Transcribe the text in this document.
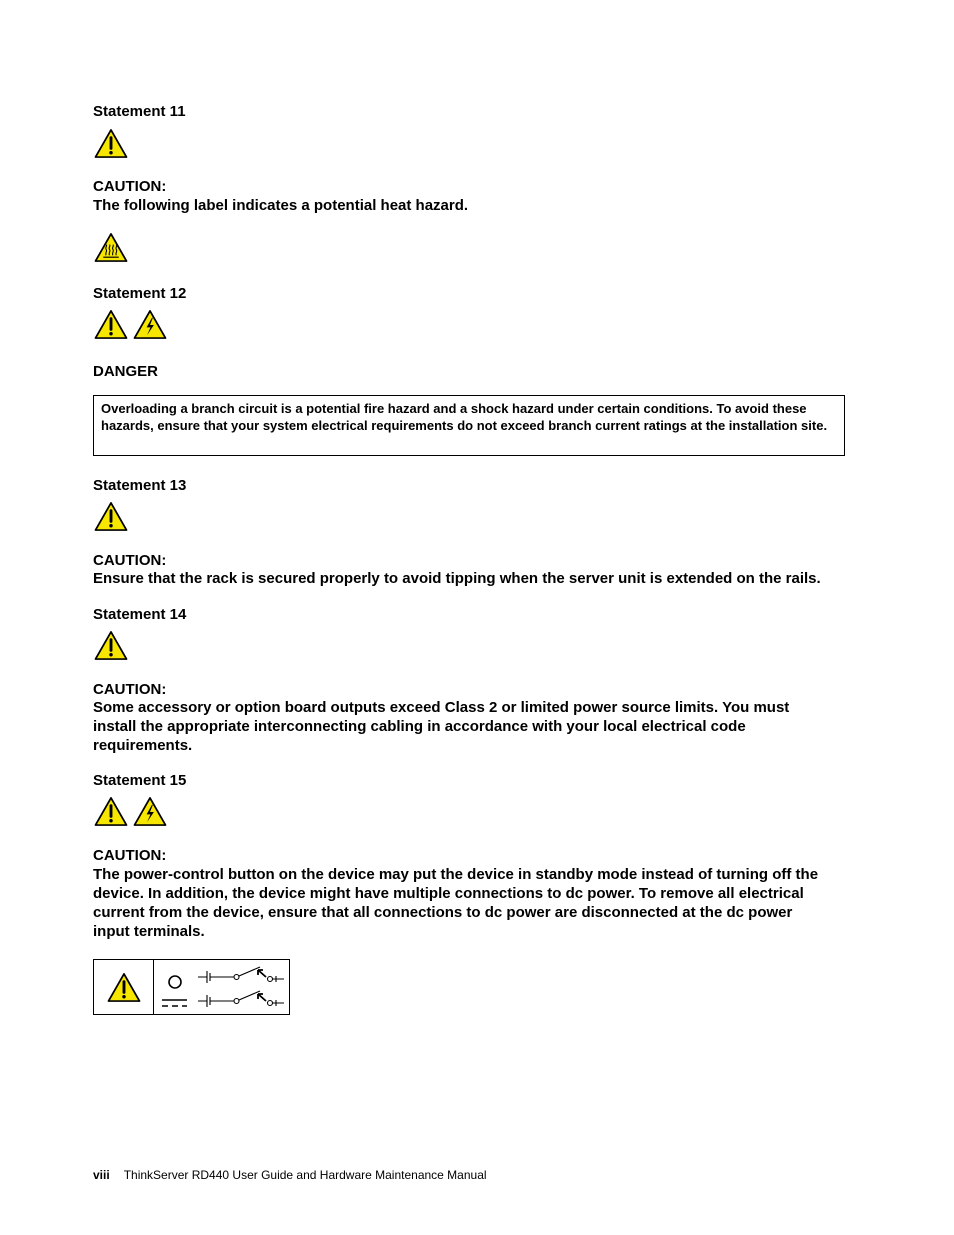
Statement 11
CAUTION:
The following label indicates a potential heat hazard.
Statement 12
DANGER
Overloading a branch circuit is a potential fire hazard and a shock hazard under certain conditions. To avoid these hazards, ensure that your system electrical requirements do not exceed branch current ratings at the installation site.
Statement 13
CAUTION:
Ensure that the rack is secured properly to avoid tipping when the server unit is extended on the rails.
Statement 14
CAUTION:
Some accessory or option board outputs exceed Class 2 or limited power source limits. You must install the appropriate interconnecting cabling in accordance with your local electrical code requirements.
Statement 15
CAUTION:
The power-control button on the device may put the device in standby mode instead of turning off the device. In addition, the device might have multiple connections to dc power. To remove all electrical current from the device, ensure that all connections to dc power are disconnected at the dc power input terminals.
viii ThinkServer RD440 User Guide and Hardware Maintenance Manual
